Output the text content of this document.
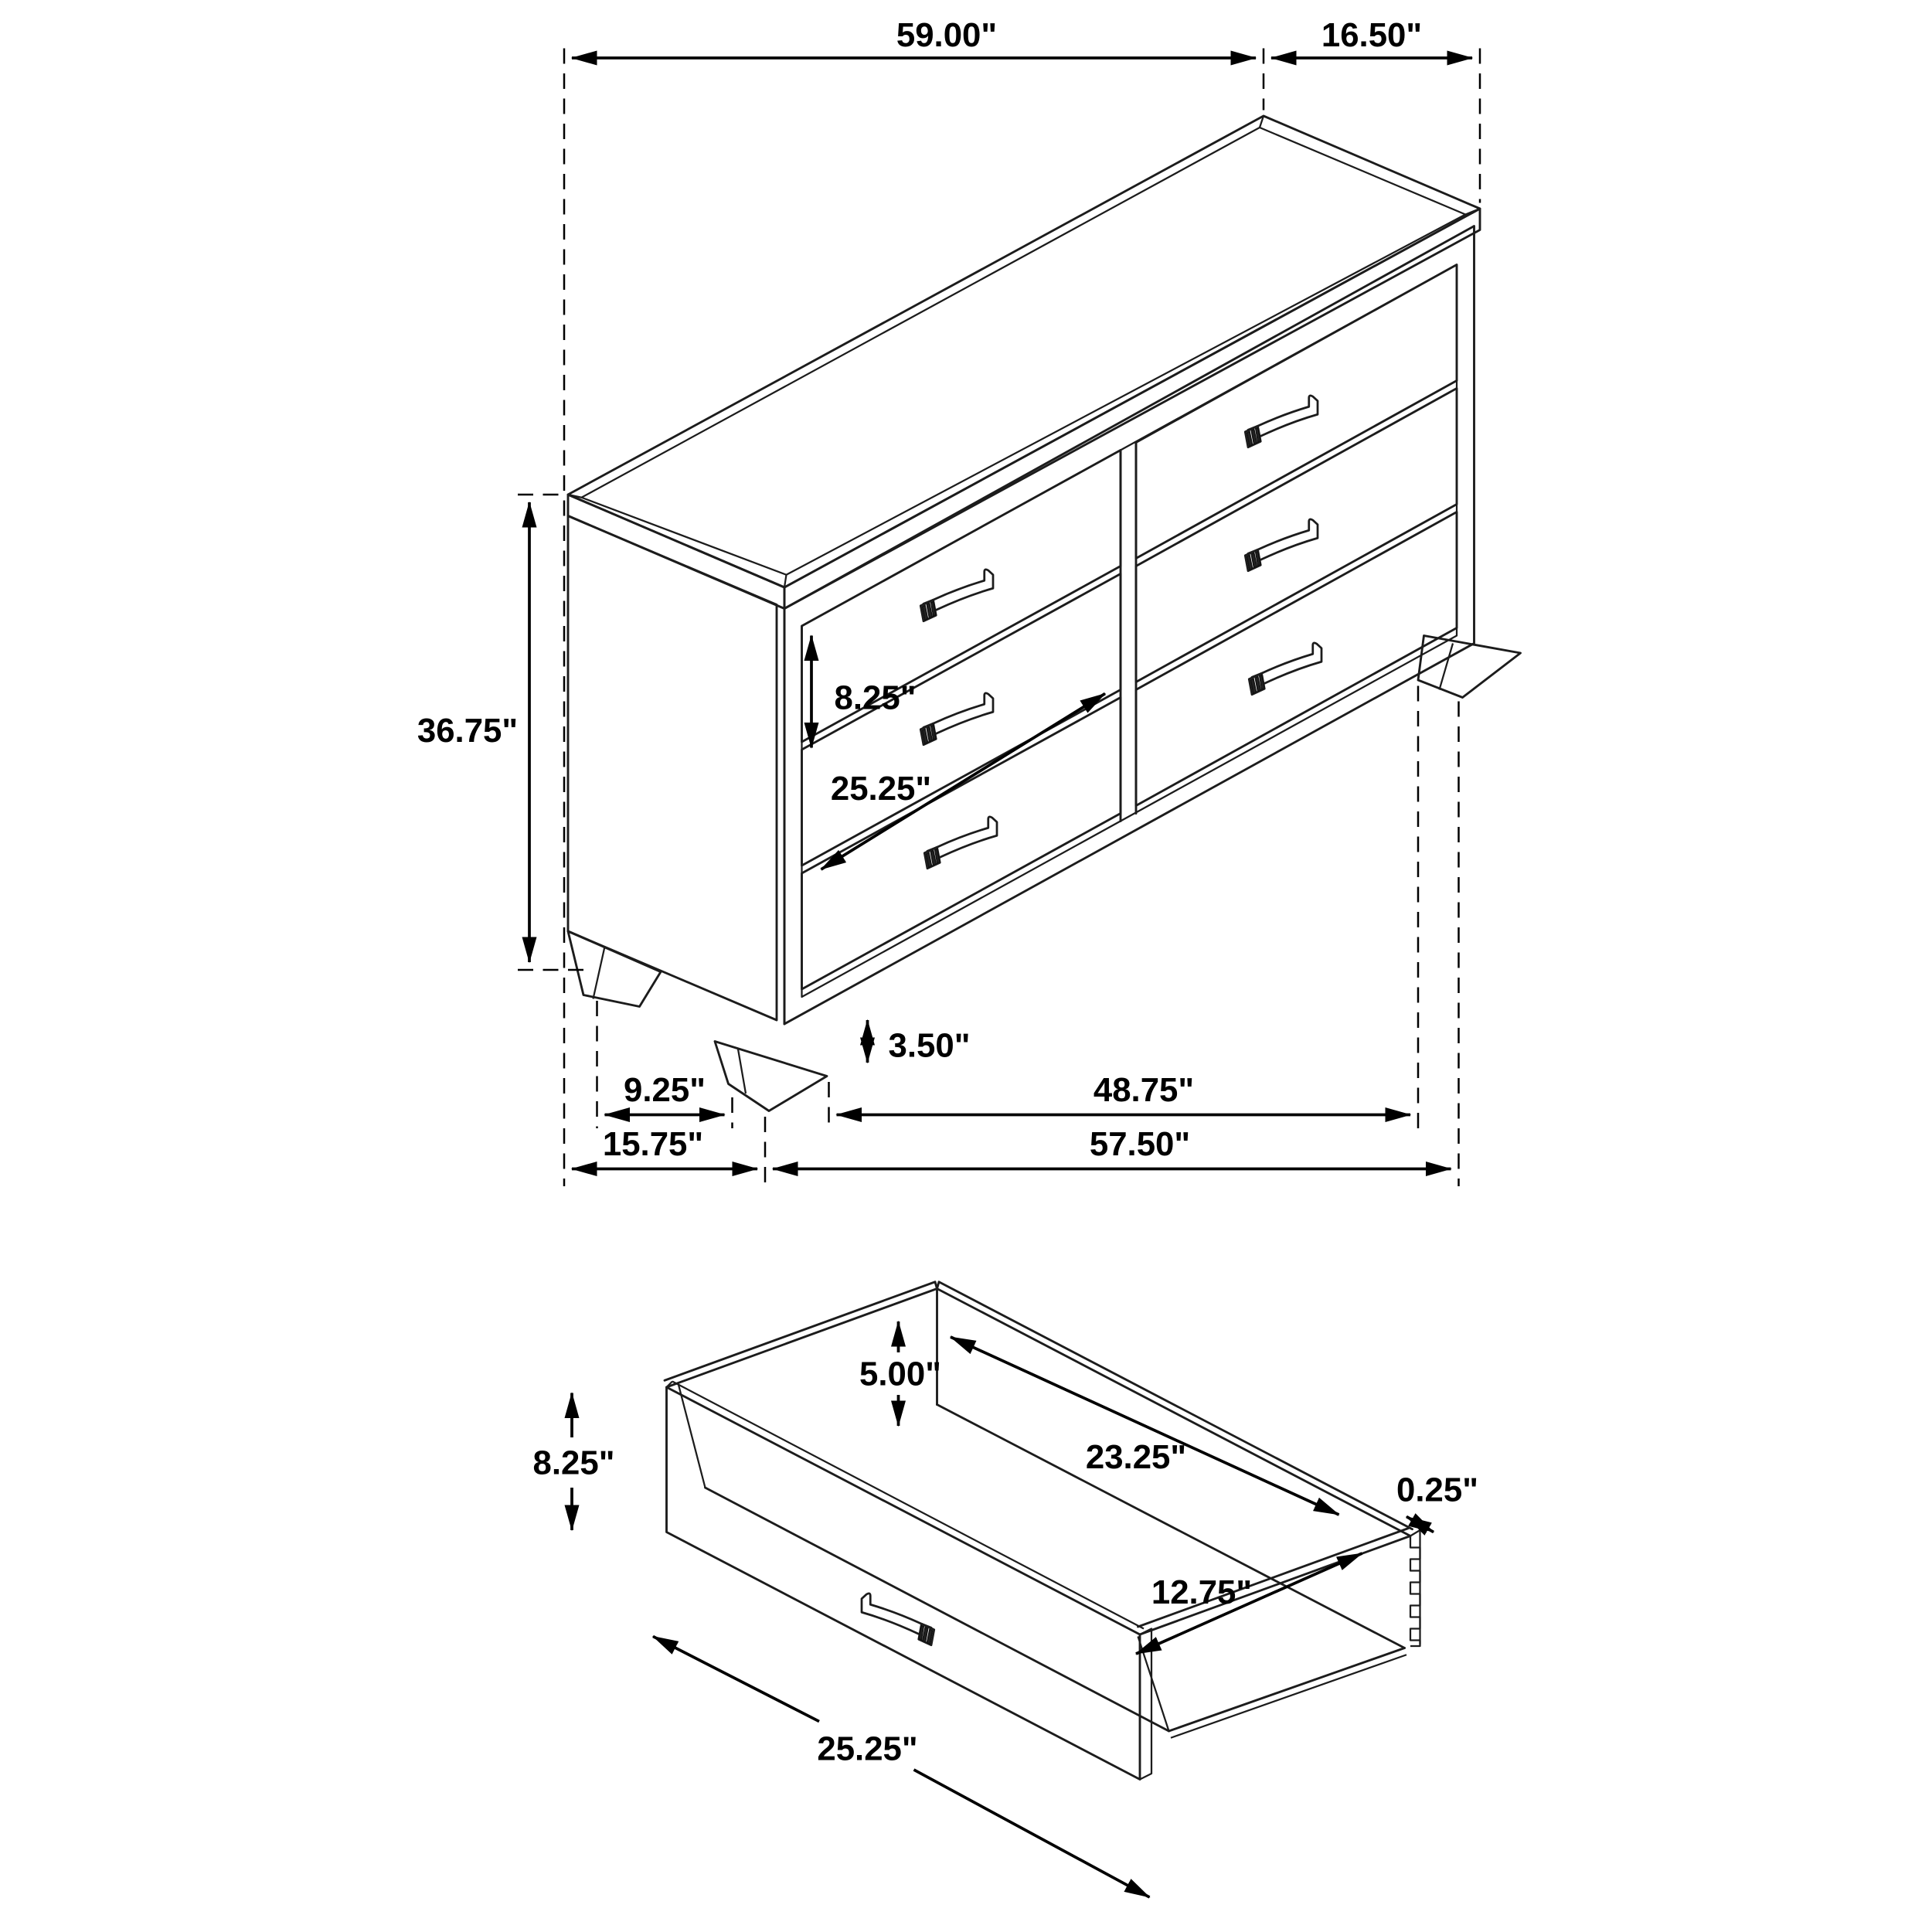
59.00"	16.50"
36.75"
8.25"
25.25"
3.50"
9.25"	48.75"
15.75"	57.50"
5.00"
23.25"
8.25"
0.25"
12.75"
25.25"
